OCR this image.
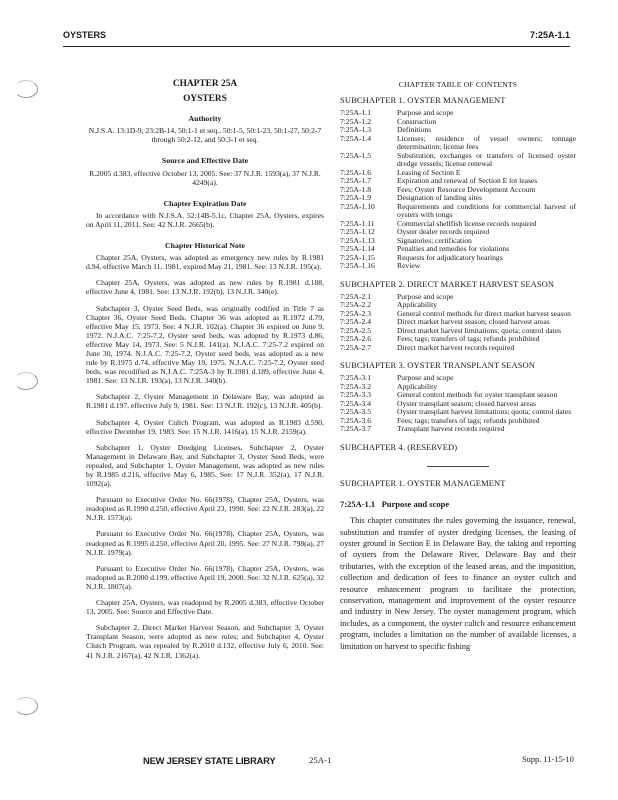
OYSTERS	7:25A-1.1
CHAPTER 25A
OYSTERS
Authority
N.J.S.A. 13:1D-9, 23:2B-14, 50:1-1 et seq., 50:1-5, 50:1-23, 50:1-27, 50:2-7 through 50:2-12, and 50:3-1 et seq.
Source and Effective Date
R.2005 d.383, effective October 13, 2005. See: 37 N.J.R. 1593(a), 37 N.J.R. 4249(a).
Chapter Expiration Date
In accordance with N.J.S.A. 52:14B-5.1c, Chapter 25A, Oysters, expires on April 11, 2011. See: 42 N.J.R. 2665(b).
Chapter Historical Note
Chapter 25A, Oysters, was adopted as emergency new rules by R.1981 d.94, effective March 11, 1981, expired May 21, 1981. See: 13 N.J.R. 195(a).
Chapter 25A, Oysters, was adopted as new rules by R.1981 d.188, effective June 4, 1981. See: 13 N.J.R. 192(b), 13 N.J.R. 340(e).
Subchapter 3, Oyster Seed Beds, was originally codified in Title 7 as Chapter 36, Oyster Seed Beds. Chapter 36 was adopted as R.1972 d.79, effective May 15, 1973. See: 4 N.J.R. 102(a). Chapter 36 expired on June 9, 1972. N.J.A.C. 7:25-7.2, Oyster seed beds, was adopted by R.1973 d.86, effective May 14, 1973. See: 5 N.J.R. 141(a). N.J.A.C. 7:25-7.2 expired on June 30, 1974. N.J.A.C. 7:25-7.2, Oyster seed beds, was adopted as a new rule by R.1975 d.74, effective May 19, 1975. N.J.A.C. 7:25-7.2, Oyster seed beds, was recodified as N.J.A.C. 7:25A-3 by R.1981 d.189, effective June 4, 1981. See: 13 N.J.R. 193(a), 13 N.J.R. 340(b).
Subchapter 2, Oyster Management in Delaware Bay, was adopted as R.1981 d.197, effective July 9, 1981. See: 13 N.J.R. 192(c), 13 N.J.R. 405(b).
Subchapter 4, Oyster Cultch Program, was adopted as R.1983 d.590, effective December 19, 1983. See: 15 N.J.R. 1416(a), 15 N.J.R. 2159(a).
Subchapter 1, Oyster Dredging Licenses, Subchapter 2, Oyster Management in Delaware Bay, and Subchapter 3, Oyster Seed Beds, were repealed, and Subchapter 1, Oyster Management, was adopted as new rules by R.1985 d.216, effective May 6, 1985. See: 17 N.J.R. 352(a), 17 N.J.R. 1092(a).
Pursuant to Executive Order No. 66(1978), Chapter 25A, Oysters, was readopted as R.1990 d.250, effective April 23, 1990. See: 22 N.J.R. 283(a), 22 N.J.R. 1573(a).
Pursuant to Executive Order No. 66(1978), Chapter 25A, Oysters, was readopted as R.1995 d.250, effective April 20, 1995. See: 27 N.J.R. 798(a), 27 N.J.R. 1979(a).
Pursuant to Executive Order No. 66(1978), Chapter 25A, Oysters, was readopted as R.2000 d.199, effective April 19, 2000. See: 32 N.J.R. 625(a), 32 N.J.R. 1807(a).
Chapter 25A, Oysters, was readopted by R.2005 d.383, effective October 13, 2005. See: Source and Effective Date.
Subchapter 2, Direct Market Harvest Season, and Subchapter 3, Oyster Transplant Season, were adopted as new rules; and Subchapter 4, Oyster Clutch Program, was repealed by R.2010 d.132, effective July 6, 2010. See: 41 N.J.R. 2167(a), 42 N.J.R. 1362(a).
CHAPTER TABLE OF CONTENTS
SUBCHAPTER 1. OYSTER MANAGEMENT
7:25A-1.1	Purpose and scope
7:25A-1.2	Construction
7:25A-1.3	Definitions
7:25A-1.4	Licenses; residence of vessel owners; tonnage determination; license fees
7:25A-1.5	Substitution, exchanges or transfers of licensed oyster dredge vessels; license renewal
7:25A-1.6	Leasing of Section E
7:25A-1.7	Expiration and renewal of Section E lot leases
7:25A-1.8	Fees; Oyster Resource Development Account
7:25A-1.9	Designation of landing sites
7:25A-1.10	Requirements and conditions for commercial harvest of oysters with tongs
7:25A-1.11	Commercial shellfish license records required
7:25A-1.12	Oyster dealer records required
7:25A-1.13	Signatories; certification
7:25A-1.14	Penalties and remedies for violations
7:25A-1.15	Requests for adjudicatory hearings
7:25A-1.16	Review
SUBCHAPTER 2. DIRECT MARKET HARVEST SEASON
7:25A-2.1	Purpose and scope
7:25A-2.2	Applicability
7:25A-2.3	General control methods for direct market harvest season
7:25A-2.4	Direct market harvest season; closed harvest areas
7:25A-2.5	Direct market harvest limitations; quota; control dates
7:25A-2.6	Fees; tags; transfers of tags; refunds prohibited
7:25A-2.7	Direct market harvest records required
SUBCHAPTER 3. OYSTER TRANSPLANT SEASON
7:25A-3.1	Purpose and scope
7:25A-3.2	Applicability
7:25A-3.3	General control methods for oyster transplant season
7:25A-3.4	Oyster transplant season; closed harvest areas
7:25A-3.5	Oyster transplant harvest limitations; quota; control dates
7:25A-3.6	Fees; tags; transfers of tags; refunds prohibited
7:25A-3.7	Transplant harvest records required
SUBCHAPTER 4. (RESERVED)
SUBCHAPTER 1. OYSTER MANAGEMENT
7:25A-1.1 Purpose and scope
This chapter constitutes the rules governing the issuance, renewal, substitution and transfer of oyster dredging licenses, the leasing of oyster ground in Section E in Delaware Bay, the taking and reporting of oysters from the Delaware River, Delaware Bay and their tributaries, with the exception of the leased areas, and the imposition, collection and dedication of fees to finance an oyster cultch and resource enhancement program to facilitate the protection, conservation, management and improvement of the oyster resource and industry in New Jersey. The oyster management program, which includes, as a component, the oyster cultch and resource enhancement program, includes a limitation on the number of available licenses, a limitation on harvest to specific fishing
NEW JERSEY STATE LIBRARY	25A-1	Supp. 11-15-10
